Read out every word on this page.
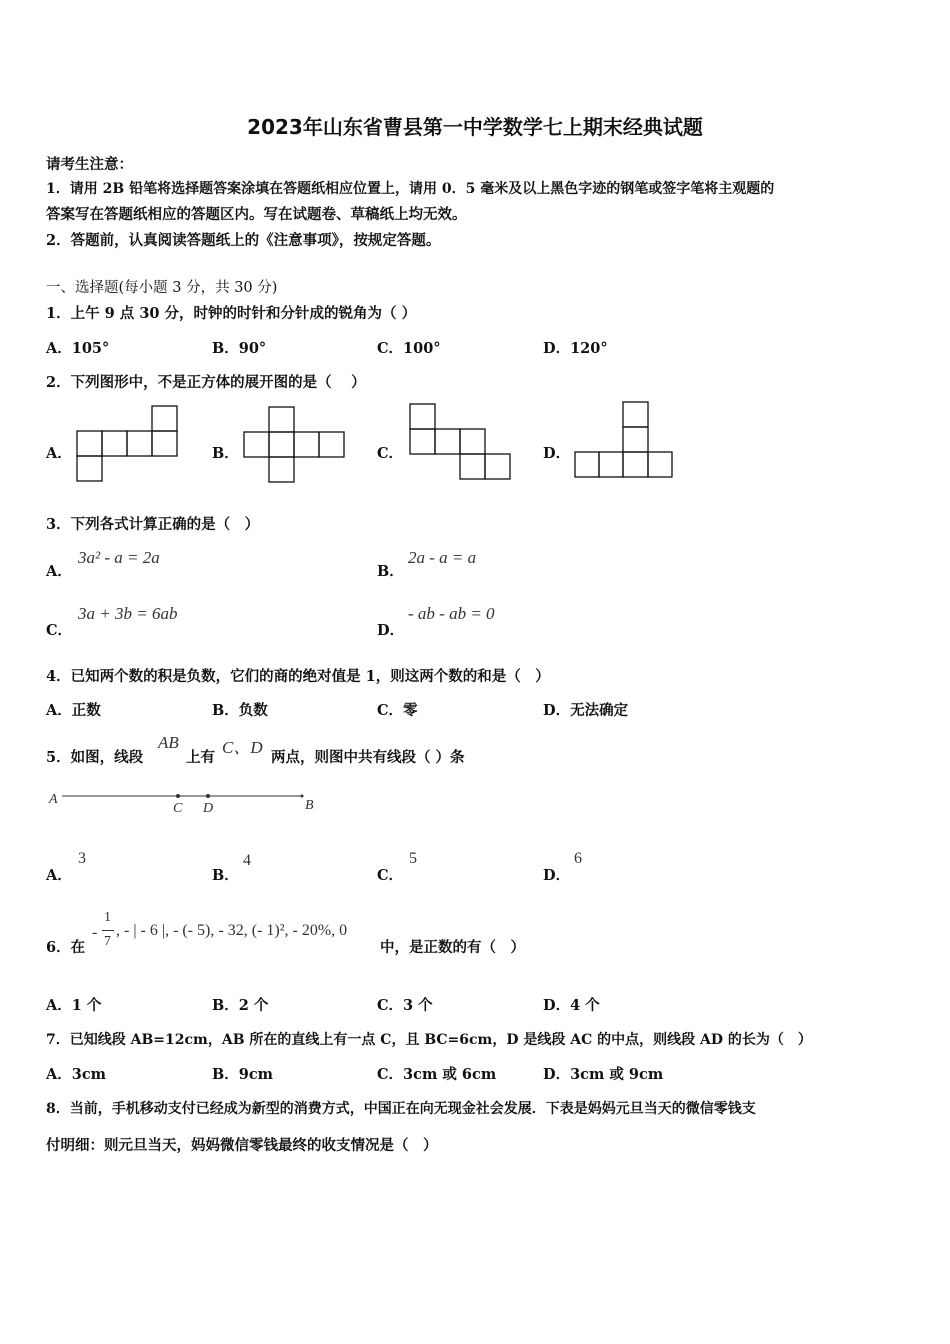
2023年山东省曹县第一中学数学七上期末经典试题
请考生注意：
1．请用 2B 铅笔将选择题答案涂填在答题纸相应位置上，请用 0．5 毫米及以上黑色字迹的钢笔或签字笔将主观题的
答案写在答题纸相应的答题区内。写在试题卷、草稿纸上均无效。
2．答题前，认真阅读答题纸上的《注意事项》，按规定答题。
一、选择题(每小题 3 分，共 30 分)
1．上午 9 点 30 分，时钟的时针和分针成的锐角为（ ）
A．105°	B．90°	C．100°	D．120°
2．下列图形中，不是正方体的展开图的是（　 ）
A．	B．	C．	D．
3．下列各式计算正确的是（　）
A．
3a² - a = 2a
B．
2a - a = a
C．
3a + 3b = 6ab
D．
- ab - ab = 0
4．已知两个数的积是负数，它们的商的绝对值是 1，则这两个数的和是（　）
A．正数	B．负数	C．零	D．无法确定
5．如图，线段
AB
上有
C、D
两点，则图中共有线段（ ）条
A
C D	B
A．
3
B．
4
C．
5
D．
6
6．在
-
1
7
, - | - 6 |, - (- 5), - 32, (- 1)², - 20%, 0
中，是正数的有（　）
A．1 个	B．2 个	C．3 个	D．4 个
7．已知线段 AB=12cm，AB 所在的直线上有一点 C，且 BC=6cm，D 是线段 AC 的中点，则线段 AD 的长为（　）
A．3cm	B．9cm	C．3cm 或 6cm	D．3cm 或 9cm
8．当前，手机移动支付已经成为新型的消费方式，中国正在向无现金社会发展．下表是妈妈元旦当天的微信零钱支
付明细：则元旦当天，妈妈微信零钱最终的收支情况是（　）
